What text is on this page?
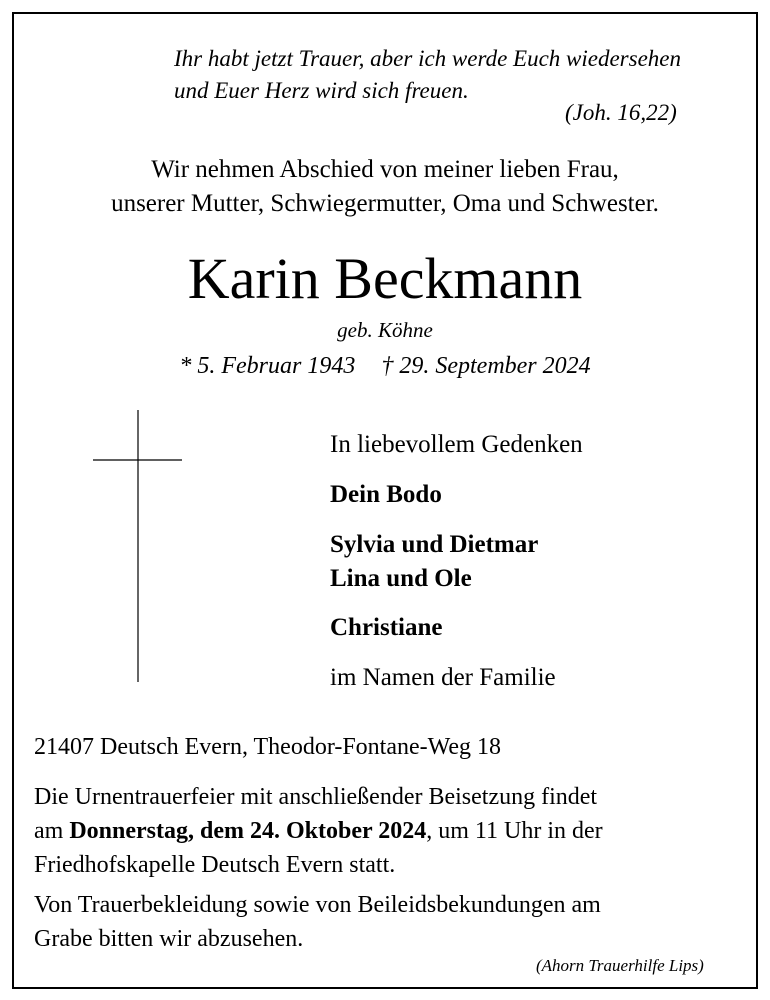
Ihr habt jetzt Trauer, aber ich werde Euch wiedersehen
und Euer Herz wird sich freuen.
(Joh. 16,22)
Wir nehmen Abschied von meiner lieben Frau,
unserer Mutter, Schwiegermutter, Oma und Schwester.
Karin Beckmann
geb. Köhne
* 5. Februar 1943 † 29. September 2024
In liebevollem Gedenken
Dein Bodo
Sylvia und Dietmar
Lina und Ole
Christiane
im Namen der Familie
21407 Deutsch Evern, Theodor-Fontane-Weg 18
Die Urnentrauerfeier mit anschließender Beisetzung findet
am Donnerstag, dem 24. Oktober 2024, um 11 Uhr in der
Friedhofskapelle Deutsch Evern statt.
Von Trauerbekleidung sowie von Beileidsbekundungen am
Grabe bitten wir abzusehen.
(Ahorn Trauerhilfe Lips)
